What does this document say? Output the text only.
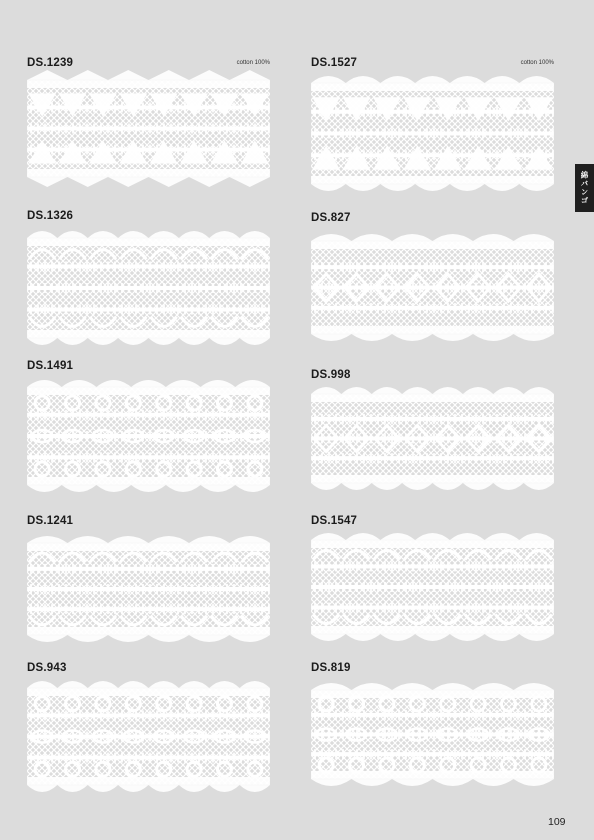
DS.1239	cotton 100%	DS.1527	cotton 100%
DS.1326	DS.827
DS.1491
DS.998
DS.1241	DS.1547
DS.943	DS.819
綿バンゴ
109
